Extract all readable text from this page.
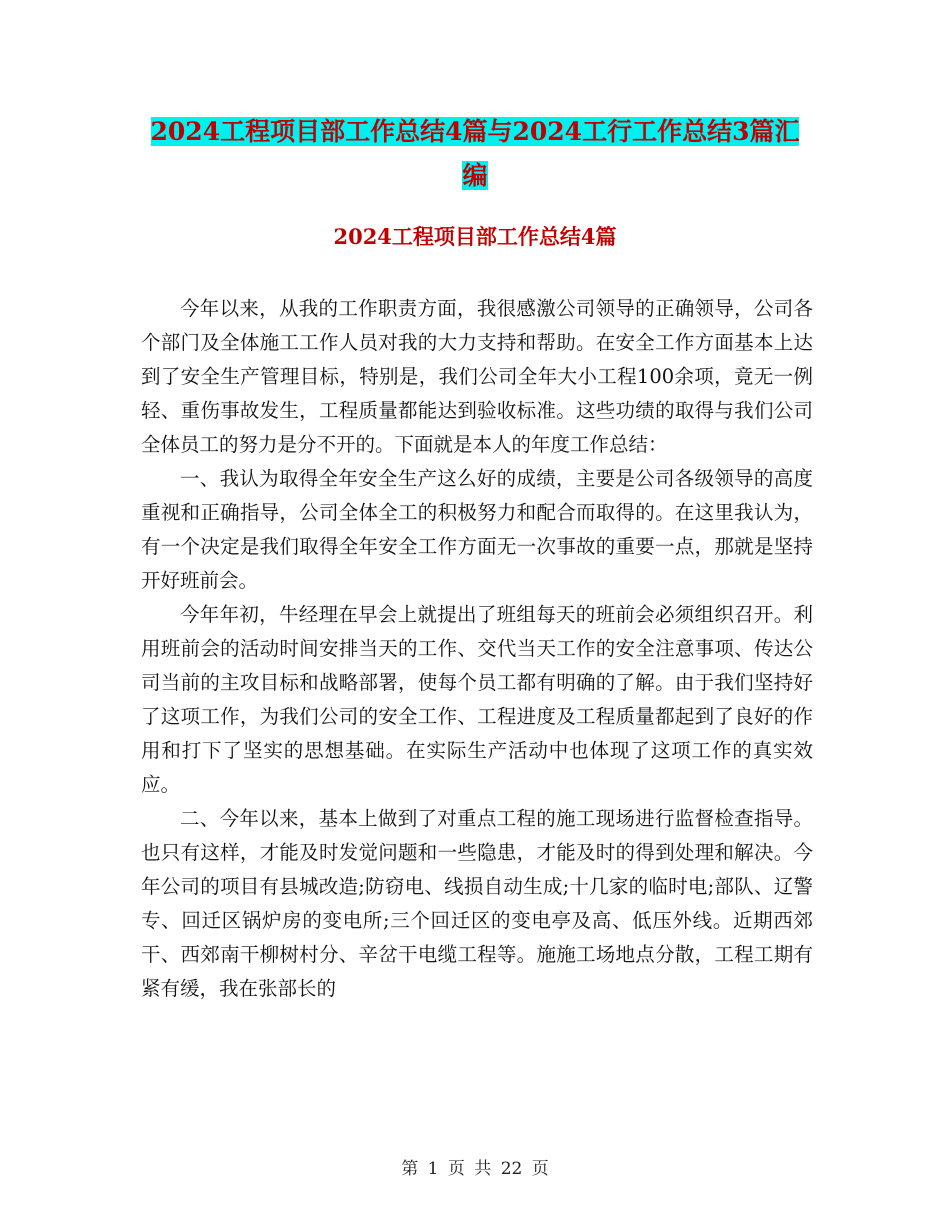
2024工程项目部工作总结4篇与2024工行工作总结3篇汇编
2024工程项目部工作总结4篇

今年以来，从我的工作职责方面，我很感激公司领导的正确领导，公司各个部门及全体施工工作人员对我的大力支持和帮助。在安全工作方面基本上达到了安全生产管理目标，特别是，我们公司全年大小工程100余项，竟无一例轻、重伤事故发生，工程质量都能达到验收标准。这些功绩的取得与我们公司全体员工的努力是分不开的。下面就是本人的年度工作总结：

一、我认为取得全年安全生产这么好的成绩，主要是公司各级领导的高度重视和正确指导，公司全体全工的积极努力和配合而取得的。在这里我认为，有一个决定是我们取得全年安全工作方面无一次事故的重要一点，那就是坚持开好班前会。

今年年初，牛经理在早会上就提出了班组每天的班前会必须组织召开。利用班前会的活动时间安排当天的工作、交代当天工作的安全注意事项、传达公司当前的主攻目标和战略部署，使每个员工都有明确的了解。由于我们坚持好了这项工作，为我们公司的安全工作、工程进度及工程质量都起到了良好的作用和打下了坚实的思想基础。在实际生产活动中也体现了这项工作的真实效应。

二、今年以来，基本上做到了对重点工程的施工现场进行监督检查指导。也只有这样，才能及时发觉问题和一些隐患，才能及时的得到处理和解决。今年公司的项目有县城改造;防窃电、线损自动生成;十几家的临时电;部队、辽警专、回迁区锅炉房的变电所;三个回迁区的变电亭及高、低压外线。近期西郊干、西郊南干柳树村分、辛岔干电缆工程等。施施工场地点分散，工程工期有紧有缓，我在张部长的

第 1 页 共 22 页
